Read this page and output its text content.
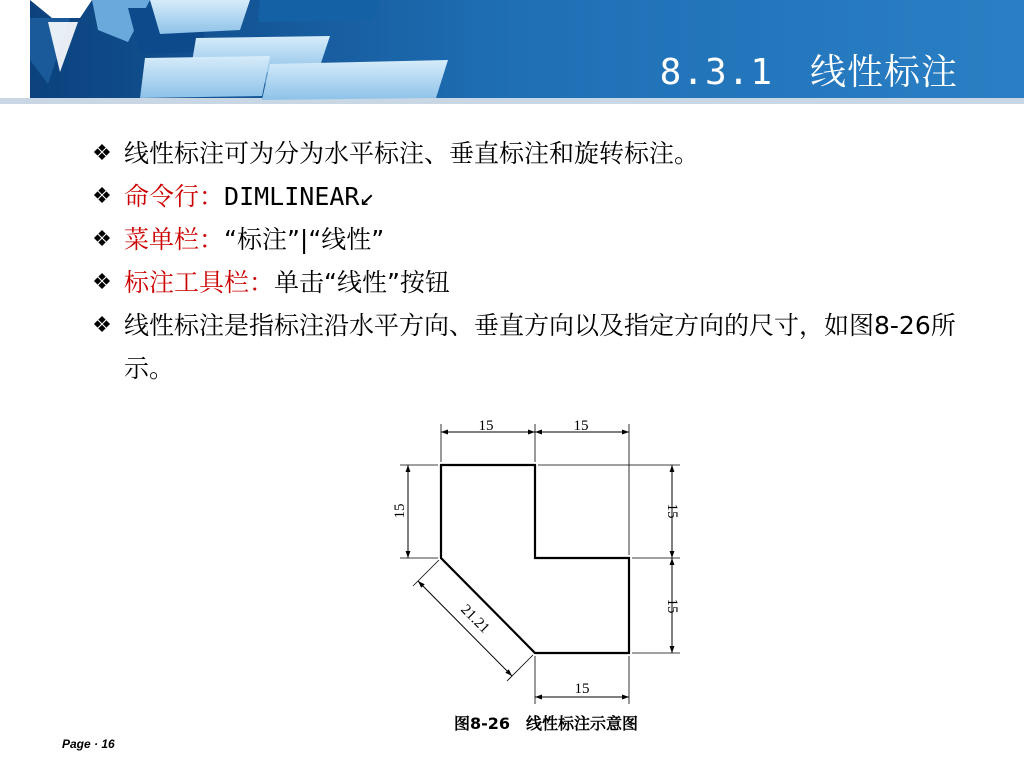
8.3.1　线性标注
❖ 线性标注可为分为水平标注、垂直标注和旋转标注。
❖ 命令行：DIMLINEAR↙
❖ 菜单栏：“标注”|“线性”
❖ 标注工具栏：单击“线性”按钮
❖ 线性标注是指标注沿水平方向、垂直方向以及指定方向的尺寸，如图8-26所示。
15	15
15	15
15
21.21
15
图8-26　线性标注示意图
Page · 16
